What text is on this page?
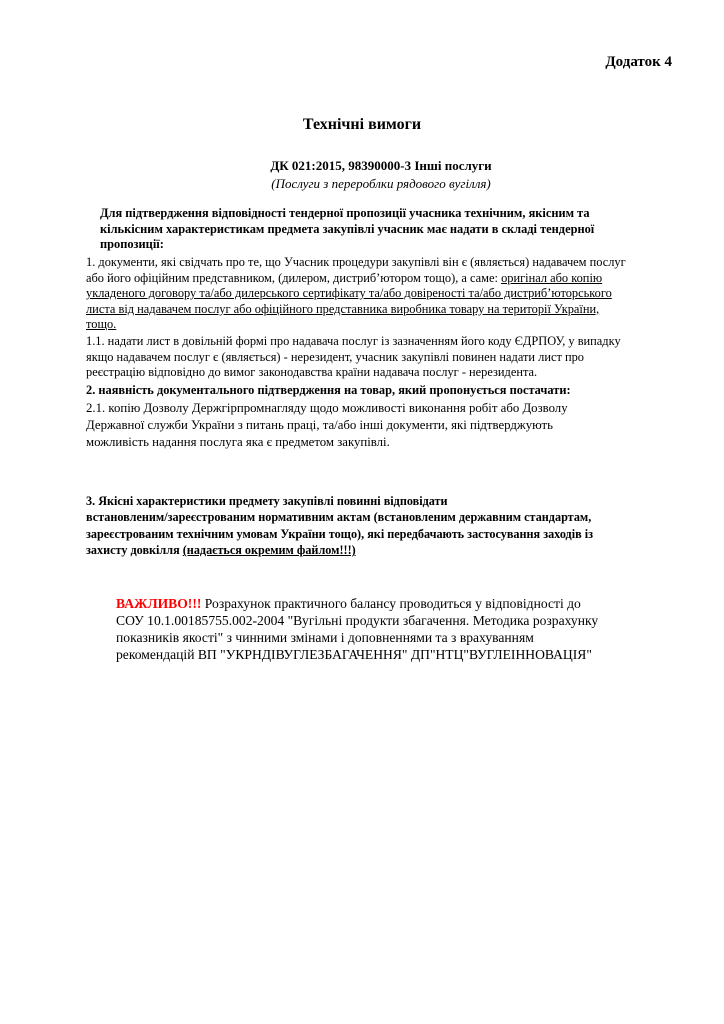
Додаток 4
Технічні вимоги
ДК 021:2015, 98390000-3 Інші послуги
(Послуги з перероблки рядового вугілля)
Для підтвердження відповідності тендерної пропозиції учасника технічним, якісним та
кількісним характеристикам предмета закупівлі учасник має надати в складі тендерної
пропозиції:
1. документи, які свідчать про те, що Учасник процедури закупівлі він є (являється) надавачем послуг
або його офіційним представником, (дилером, дистриб’ютором тощо), а саме: оригінал або копію
укладеного договору та/або дилерського сертифікату та/або довіреності та/або дистриб’юторського
листа від надавачем послуг або офіційного представника виробника товару на території України,
тощо.
1.1. надати лист в довільній формі про надавача послуг із зазначенням його коду ЄДРПОУ, у випадку
якщо надавачем послуг є (являється) - нерезидент, учасник закупівлі повинен надати лист про
реєстрацію відповідно до вимог законодавства країни надавача послуг - нерезидента.
2. наявність документального підтвердження на товар, який пропонується постачати:
2.1. копію Дозволу Держгірпромнагляду щодо можливості виконання робіт або Дозволу
Державної служби України з питань праці, та/або інші документи, які підтверджують
можливість надання послуга яка є предметом закупівлі.
3. Якісні характеристики предмету закупівлі повинні відповідати
встановленим/зареєстрованим нормативним актам (встановленим державним стандартам,
зареєстрованим технічним умовам України тощо), які передбачають застосування заходів із
захисту довкілля (надається окремим файлом!!!)
ВАЖЛИВО!!! Розрахунок практичного балансу проводиться у відповідності до
СОУ 10.1.00185755.002-2004 "Вугільні продукти збагачення. Методика розрахунку
показників якості" з чинними змінами і доповненнями та з врахуванням
рекомендацій ВП "УКРНДІВУГЛЕЗБАГАЧЕННЯ" ДП"НТЦ"ВУГЛЕІННОВАЦІЯ"
